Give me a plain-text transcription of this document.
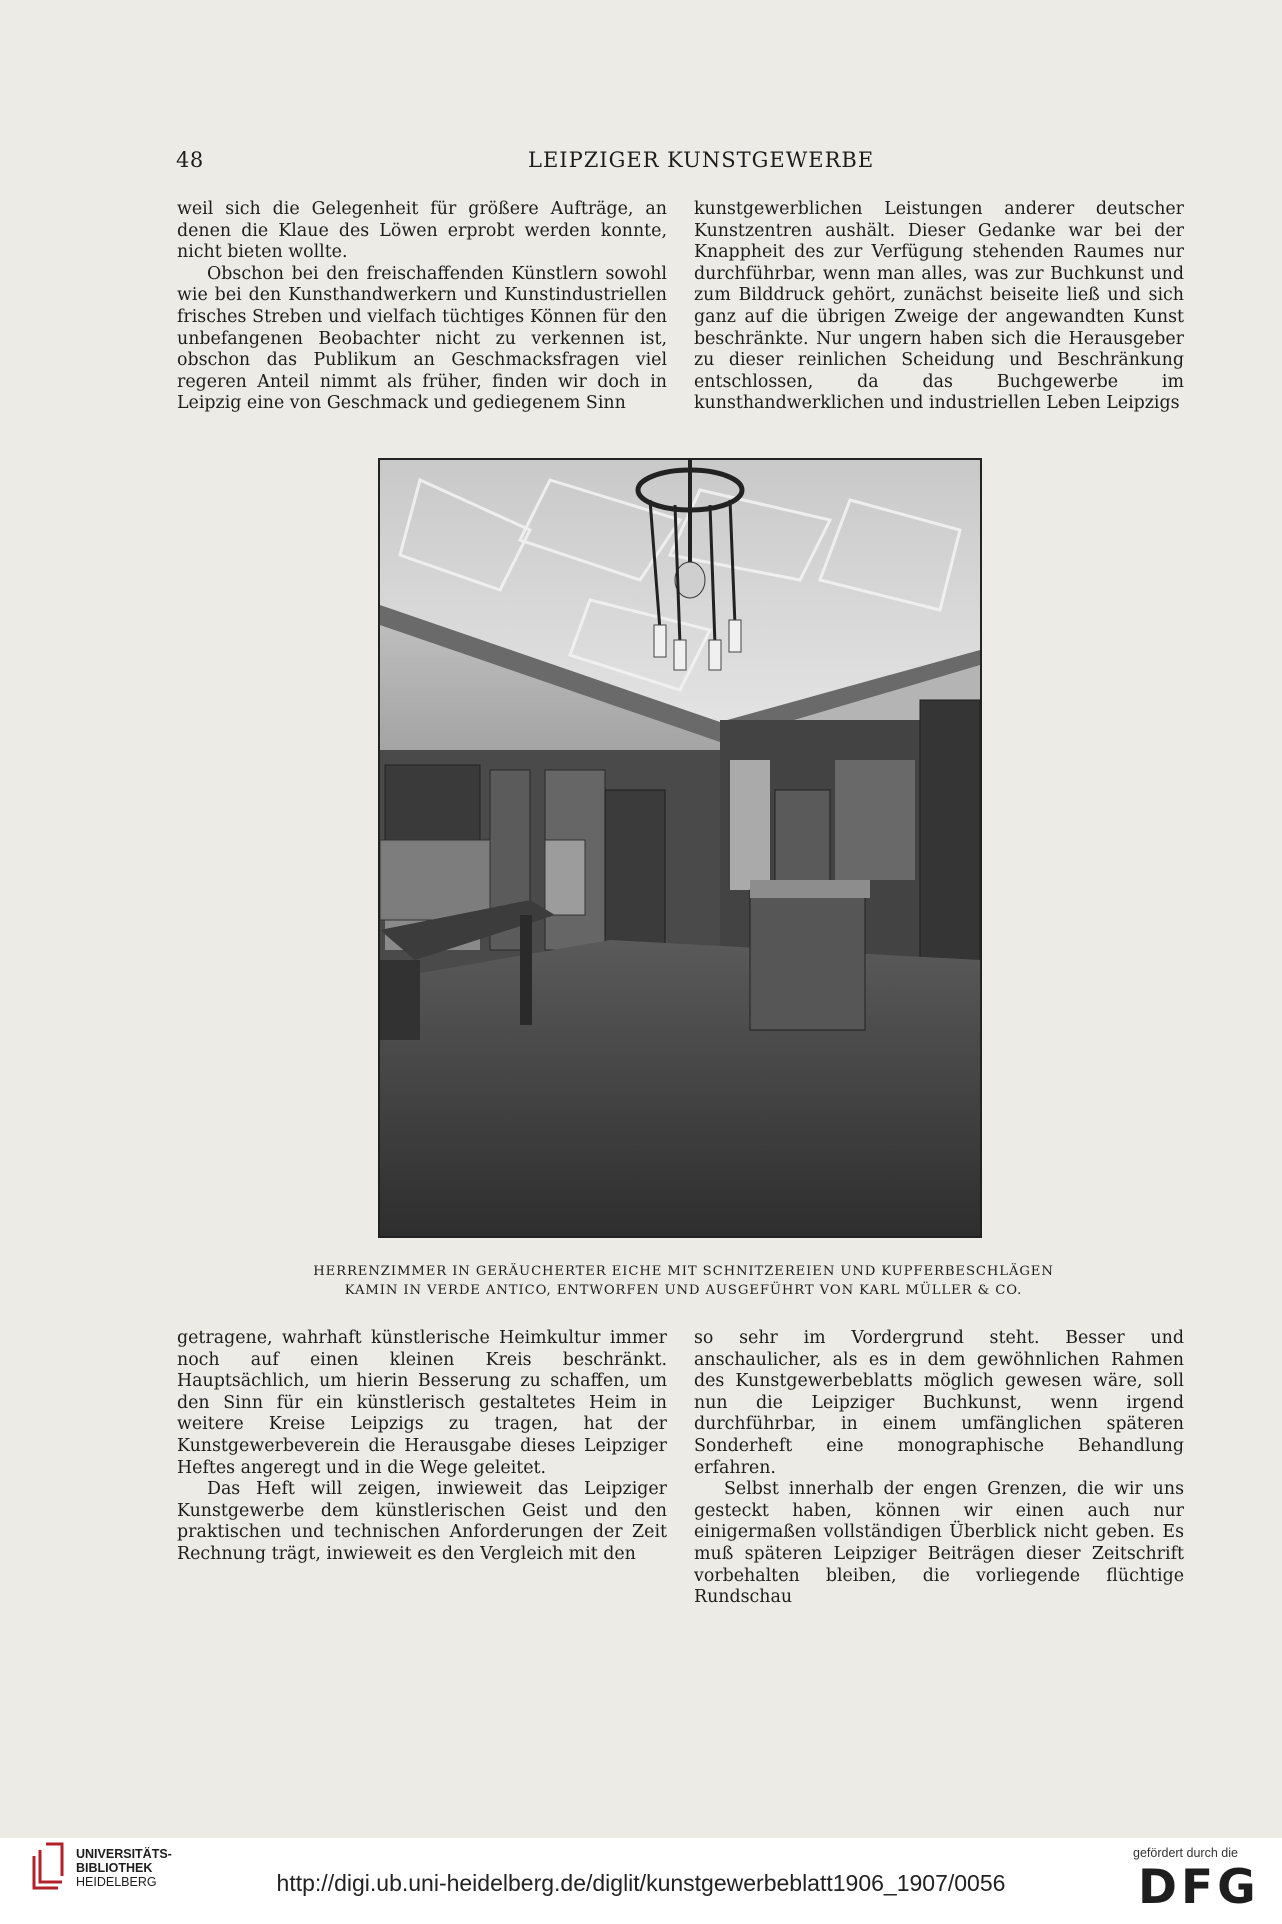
48	LEIPZIGER KUNSTGEWERBE

weil sich die Gelegenheit für größere Aufträge, an denen die Klaue des Löwen erprobt werden konnte, nicht bieten wollte.

Obschon bei den freischaffenden Künstlern sowohl wie bei den Kunsthandwerkern und Kunstindustriellen frisches Streben und vielfach tüchtiges Können für den unbefangenen Beobachter nicht zu verkennen ist, obschon das Publikum an Geschmacksfragen viel regeren Anteil nimmt als früher, finden wir doch in Leipzig eine von Geschmack und gediegenem Sinn

kunstgewerblichen Leistungen anderer deutscher Kunstzentren aushält. Dieser Gedanke war bei der Knappheit des zur Verfügung stehenden Raumes nur durchführbar, wenn man alles, was zur Buchkunst und zum Bilddruck gehört, zunächst beiseite ließ und sich ganz auf die übrigen Zweige der angewandten Kunst beschränkte. Nur ungern haben sich die Herausgeber zu dieser reinlichen Scheidung und Beschränkung entschlossen, da das Buchgewerbe im kunsthandwerklichen und industriellen Leben Leipzigs

HERRENZIMMER IN GERÄUCHERTER EICHE MIT SCHNITZEREIEN UND KUPFERBESCHLÄGEN
KAMIN IN VERDE ANTICO, ENTWORFEN UND AUSGEFÜHRT VON KARL MÜLLER & CO.

getragene, wahrhaft künstlerische Heimkultur immer noch auf einen kleinen Kreis beschränkt. Hauptsächlich, um hierin Besserung zu schaffen, um den Sinn für ein künstlerisch gestaltetes Heim in weitere Kreise Leipzigs zu tragen, hat der Kunstgewerbeverein die Herausgabe dieses Leipziger Heftes angeregt und in die Wege geleitet.

Das Heft will zeigen, inwieweit das Leipziger Kunstgewerbe dem künstlerischen Geist und den praktischen und technischen Anforderungen der Zeit Rechnung trägt, inwieweit es den Vergleich mit den

so sehr im Vordergrund steht. Besser und anschaulicher, als es in dem gewöhnlichen Rahmen des Kunstgewerbeblatts möglich gewesen wäre, soll nun die Leipziger Buchkunst, wenn irgend durchführbar, in einem umfänglichen späteren Sonderheft eine monographische Behandlung erfahren.

Selbst innerhalb der engen Grenzen, die wir uns gesteckt haben, können wir einen auch nur einigermaßen vollständigen Überblick nicht geben. Es muß späteren Leipziger Beiträgen dieser Zeitschrift vorbehalten bleiben, die vorliegende flüchtige Rundschau

UNIVERSITÄTS-
BIBLIOTHEK
HEIDELBERG	http://digi.ub.uni-heidelberg.de/diglit/kunstgewerbeblatt1906_1907/0056
gefördert durch die
DFG
